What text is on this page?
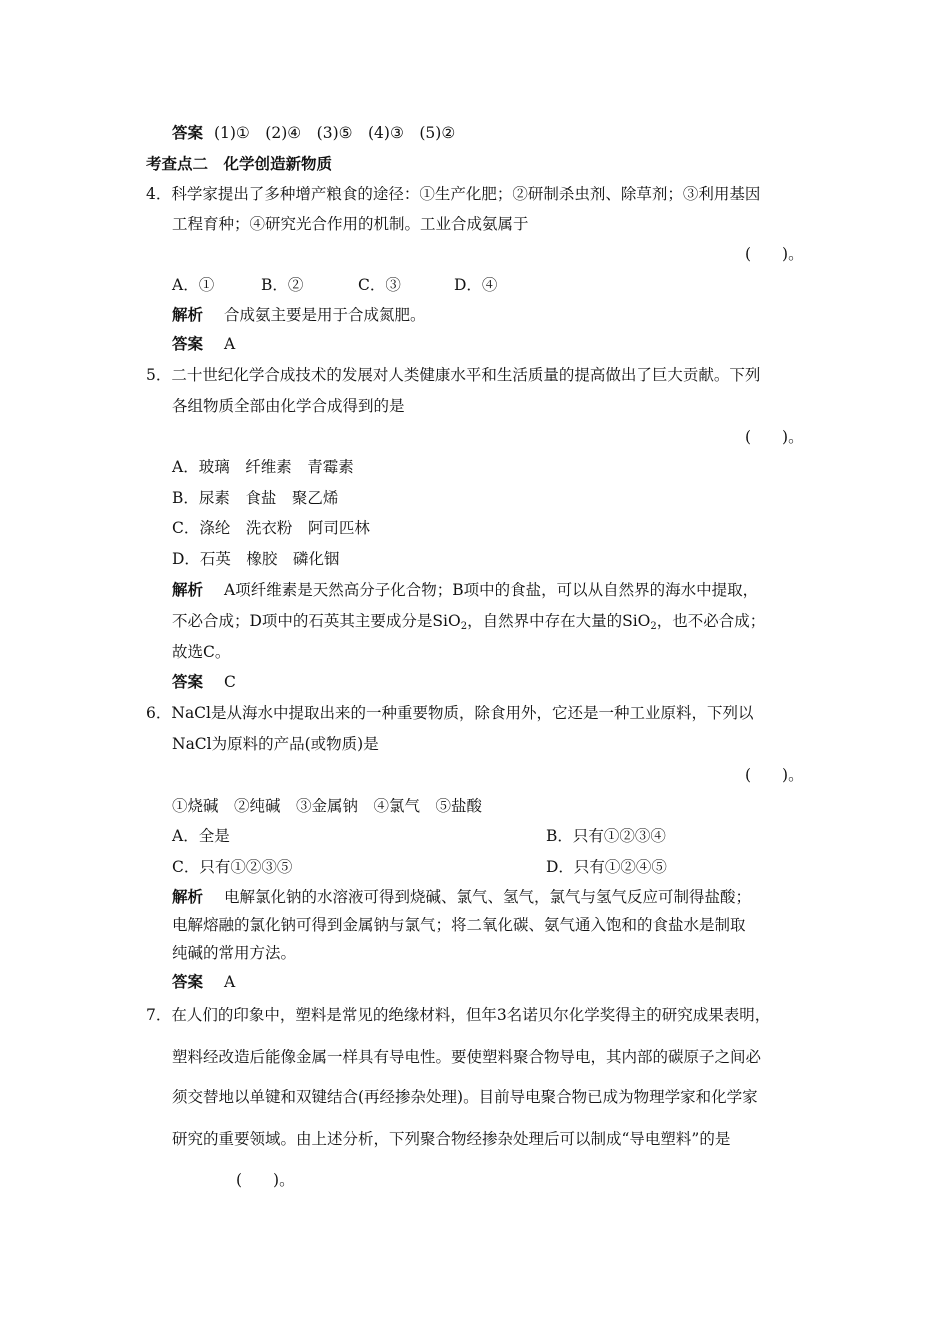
答案 (1)①　(2)④　(3)⑤　(4)③　(5)②
考查点二　化学创造新物质
4．科学家提出了多种增产粮食的途径：①生产化肥；②研制杀虫剂、除草剂；③利用基因
工程育种；④研究光合作用的机制。工业合成氨属于
(　　)。
A．①	B．②	C．③	D．④
解析 合成氨主要是用于合成氮肥。
答案 A
5．二十世纪化学合成技术的发展对人类健康水平和生活质量的提高做出了巨大贡献。下列
各组物质全部由化学合成得到的是
(　　)。
A．玻璃　纤维素　青霉素
B．尿素　食盐　聚乙烯
C．涤纶　洗衣粉　阿司匹林
D．石英　橡胶　磷化铟
解析 A项纤维素是天然高分子化合物；B项中的食盐，可以从自然界的海水中提取，
不必合成；D项中的石英其主要成分是SiO$_2$，自然界中存在大量的SiO$_2$，也不必合成；
故选C。
答案 C
6．NaCl是从海水中提取出来的一种重要物质，除食用外，它还是一种工业原料，下列以
NaCl为原料的产品(或物质)是
(　　)。
①烧碱　②纯碱　③金属钠　④氯气　⑤盐酸
A．全是	B．只有①②③④
C．只有①②③⑤	D．只有①②④⑤
解析 电解氯化钠的水溶液可得到烧碱、氯气、氢气，氯气与氢气反应可制得盐酸；
电解熔融的氯化钠可得到金属钠与氯气；将二氧化碳、氨气通入饱和的食盐水是制取
纯碱的常用方法。
答案 A
7．在人们的印象中，塑料是常见的绝缘材料，但年3名诺贝尔化学奖得主的研究成果表明，
塑料经改造后能像金属一样具有导电性。要使塑料聚合物导电，其内部的碳原子之间必
须交替地以单键和双键结合(再经掺杂处理)。目前导电聚合物已成为物理学家和化学家
研究的重要领域。由上述分析，下列聚合物经掺杂处理后可以制成“导电塑料”的是
(　　)。
